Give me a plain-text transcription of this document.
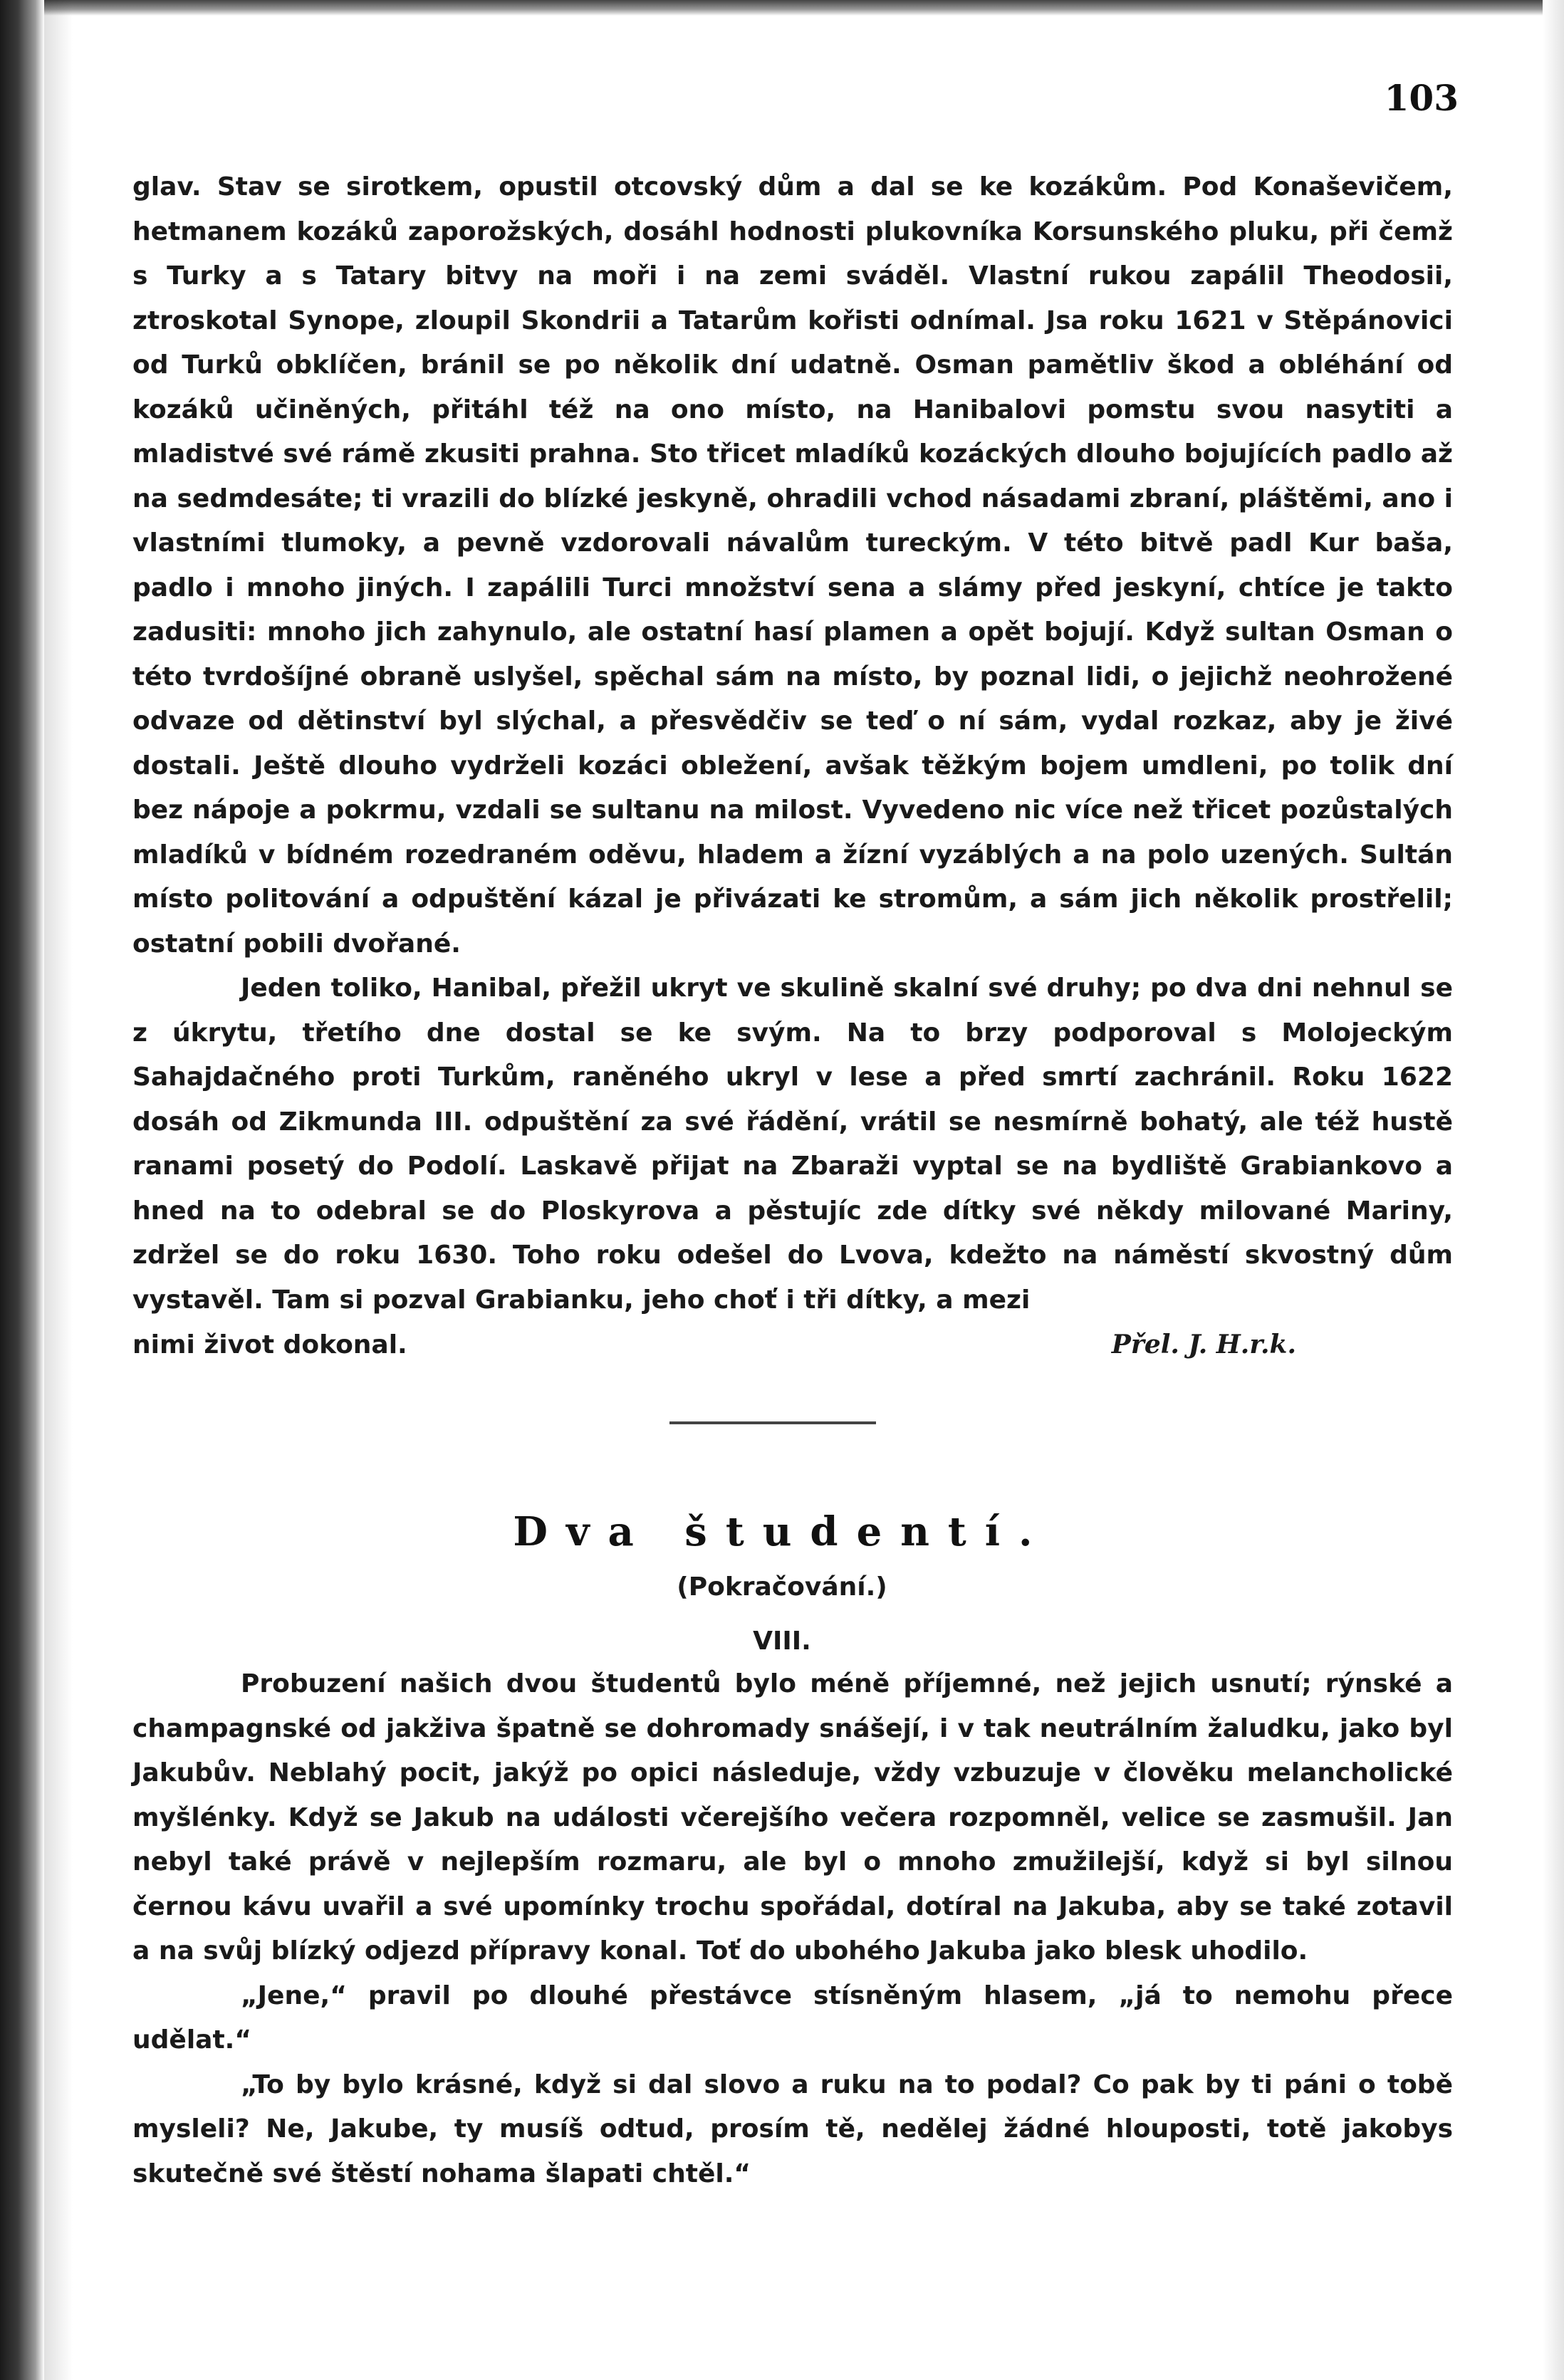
103

glav. Stav se sirotkem, opustil otcovský dům a dal se ke kozákům. Pod Konaševičem, hetmanem kozáků zaporožských, dosáhl hodnosti plukovníka Korsunského pluku, při čemž s Turky a s Tatary bitvy na moři i na zemi sváděl. Vlastní rukou zapálil Theodosii, ztroskotal Synope, zloupil Skondrii a Tatarům kořisti odnímal. Jsa roku 1621 v Stěpánovici od Turků obklíčen, bránil se po několik dní udatně. Osman pamětliv škod a obléhání od kozáků učiněných, přitáhl též na ono místo, na Hanibalovi pomstu svou nasytiti a mladistvé své rámě zkusiti prahna. Sto třicet mladíků kozáckých dlouho bojujících padlo až na sedmdesáte; ti vrazili do blízké jeskyně, ohradili vchod násadami zbraní, pláštěmi, ano i vlastními tlumoky, a pevně vzdorovali návalům tureckým. V této bitvě padl Kur baša, padlo i mnoho jiných. I zapálili Turci množství sena a slámy před jeskyní, chtíce je takto zadusiti: mnoho jich zahynulo, ale ostatní hasí plamen a opět bojují. Když sultan Osman o této tvrdošíjné obraně uslyšel, spěchal sám na místo, by poznal lidi, o jejichž neohrožené odvaze od dětinství byl slýchal, a přesvědčiv se teď o ní sám, vydal rozkaz, aby je živé dostali. Ještě dlouho vydrželi kozáci obležení, avšak těžkým bojem umdleni, po tolik dní bez nápoje a pokrmu, vzdali se sultanu na milost. Vyvedeno nic více než třicet pozůstalých mladíků v bídném rozedraném oděvu, hladem a žízní vyzáblých a na polo uzených. Sultán místo politování a odpuštění kázal je přivázati ke stromům, a sám jich několik prostřelil; ostatní pobili dvořané.

Jeden toliko, Hanibal, přežil ukryt ve skulině skalní své druhy; po dva dni nehnul se z úkrytu, třetího dne dostal se ke svým. Na to brzy podporoval s Molojeckým Sahajdačného proti Turkům, raněného ukryl v lese a před smrtí zachránil. Roku 1622 dosáh od Zikmunda III. odpuštění za své řádění, vrátil se nesmírně bohatý, ale též hustě ranami posetý do Podolí. Laskavě přijat na Zbaraži vyptal se na bydliště Grabiankovo a hned na to odebral se do Ploskyrova a pěstujíc zde dítky své někdy milované Mariny, zdržel se do roku 1630. Toho roku odešel do Lvova, kdežto na náměstí skvostný dům vystavěl. Tam si pozval Grabianku, jeho choť i tři dítky, a mezi

nimi život dokonal.	Přel. J. H.r.k.
Dva študentí.
(Pokračování.)
VIII.

Probuzení našich dvou študentů bylo méně příjemné, než jejich usnutí; rýnské a champagnské od jakživa špatně se dohromady snášejí, i v tak neutrálním žaludku, jako byl Jakubův. Neblahý pocit, jakýž po opici následuje, vždy vzbuzuje v člověku melancholické myšlénky. Když se Jakub na události včerejšího večera rozpomněl, velice se zasmušil. Jan nebyl také právě v nejlepším rozmaru, ale byl o mnoho zmužilejší, když si byl silnou černou kávu uvařil a své upomínky trochu spořádal, dotíral na Jakuba, aby se také zotavil a na svůj blízký odjezd přípravy konal. Toť do ubohého Jakuba jako blesk uhodilo.

„Jene,“ pravil po dlouhé přestávce stísněným hlasem, „já to nemohu přece udělat.“

„To by bylo krásné, když si dal slovo a ruku na to podal? Co pak by ti páni o tobě mysleli? Ne, Jakube, ty musíš odtud, prosím tě, nedělej žádné hlouposti, totě jakobys skutečně své štěstí nohama šlapati chtěl.“
